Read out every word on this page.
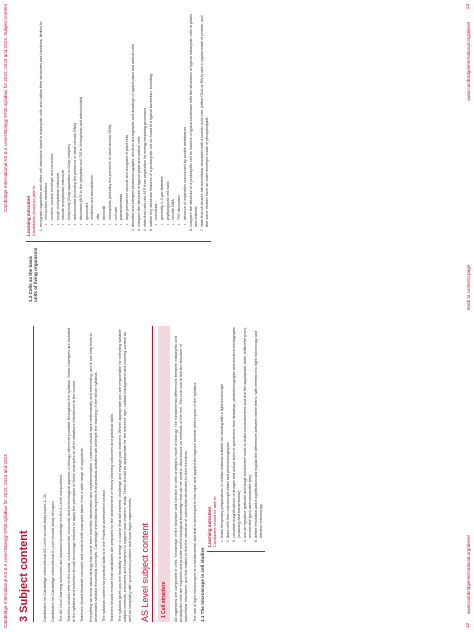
Cambridge International AS & A Level Biology 9700 syllabus for 2022, 2023 and 2024. 3 Subject content	Candidates for Cambridge International AS Level should study topics 1–11. Candidates for Cambridge International A Level should study all topics. The AS Level learning outcomes are assumed knowledge for the A Level components. Teachers should refer to the social, environmental, economic and technological aspects of biology wherever possible throughout the syllabus. Some examples are included in the syllabus and teachers should encourage learners to apply the principles of these examples to other situations introduced in the course. Teachers should illustrate concepts and content with examples taken from a wide range of organisms. Everything we know about biology has come from scientific observation and experimentation. Learners should work methodically and interesting, and it can help them to understand abstract theoretical concepts. Cambridge International expects that practical activities will underpin the teaching of the whole syllabus. The syllabus content for practical skills is in the Practical assessment section. Teachers should ensure that candidates are prepared for the assessment of theory learning outcomes and practical skills. The syllabus gives you the flexibility to design a course that will interest, challenge and engage your learners. Where appropriate you are responsible for selecting suitable subject contexts, resources and examples to support your learners' study. These should be appropriate for the learners' age, cultural background and learning context as well as complying with your school policies and local legal requirements. AS Level subject content	1 Cell structure	All organisms are composed of cells. Knowledge of the structure and function of cells underpins much of biology. The fundamental differences between eukaryotic and prokaryotic cells are explored and provide useful biological knowledge that can be used in discussions on methods of the cell. This unit now to link the structure of subcellular structures, and this makes to link the structure of subcellular structures to their functions. The use of light microscopes is a fundamental skill that is developed in this topic and applied throughout several other topics of the syllabus. 1.1 The microscope in cell studies
Learning outcomes Candidates should be able to: 1. make temporary preparations of cellular material suitable for viewing with a light microscope 2. draw cells from microscope slides and photomicrographs 3. calculate magnifications of images and actual sizes of specimens from drawings, photomicrographs and electron micrographs (scanning and transmission) 4. use an eyepiece graticule and stage micrometer scale to make measurements and use the appropriate units, millimetre (mm), micrometre (μm) and nanometre (nm) 5. define resolution and magnification and explain the differences between these terms, with reference to light microscopy and electron microscopy
12
www.cambridgeinternational.org/alevel
Cambridge International AS & A Level Biology 9700 syllabus for 2022, 2023 and 2024. Subject content
1.2 Cells as the basic units of living organisms
Learning outcomes Candidates should be able to: 1. recognise organelles and other cell structures found in eukaryotic cells and outline their structures and functions, limited to: • cell surface membrane • nucleus, nuclear envelope and nucleolus • rough endoplasmic reticulum • smooth endoplasmic reticulum • Golgi body (Golgi apparatus or Golgi complex) • mitochondria (including the presence of small circular DNA) • ribosomes (80S in the cytoplasm and 70S in chloroplasts and mitochondria) • lysosomes • centrioles and microtubules • cilia • microvilli • chloroplasts (including the presence of small circular DNA) • cell wall • plasmodesmata • large permanent vacuole and tonoplast of plant cells 2. describe and interpret photomicrographs, electron micrographs and drawings of typical plant and animal cells 3. compare the structure of typical plant and animal cells 4. state that cells use ATP from respiration for energy-requiring processes 5. outline key structural features of a prokaryotic cell as found in a typical bacterium, including: • unicellular • generally 1–5 μm diameter • peptidoglycan cell walls • circular DNA • 70S ribosomes • absence of organelles surrounded by double membranes 6. compare the structure of a prokaryotic cell as found in a typical bacterium with the structures of typical eukaryotic cells in plants and animals 7. state that all viruses are noncellular structures with a nucleic acid core (either DNA or RNA) and a capsid made of protein, and that some viruses have an outer envelope made of phospholipids
Back to contents page
www.cambridgeinternational.org/alevel
13
